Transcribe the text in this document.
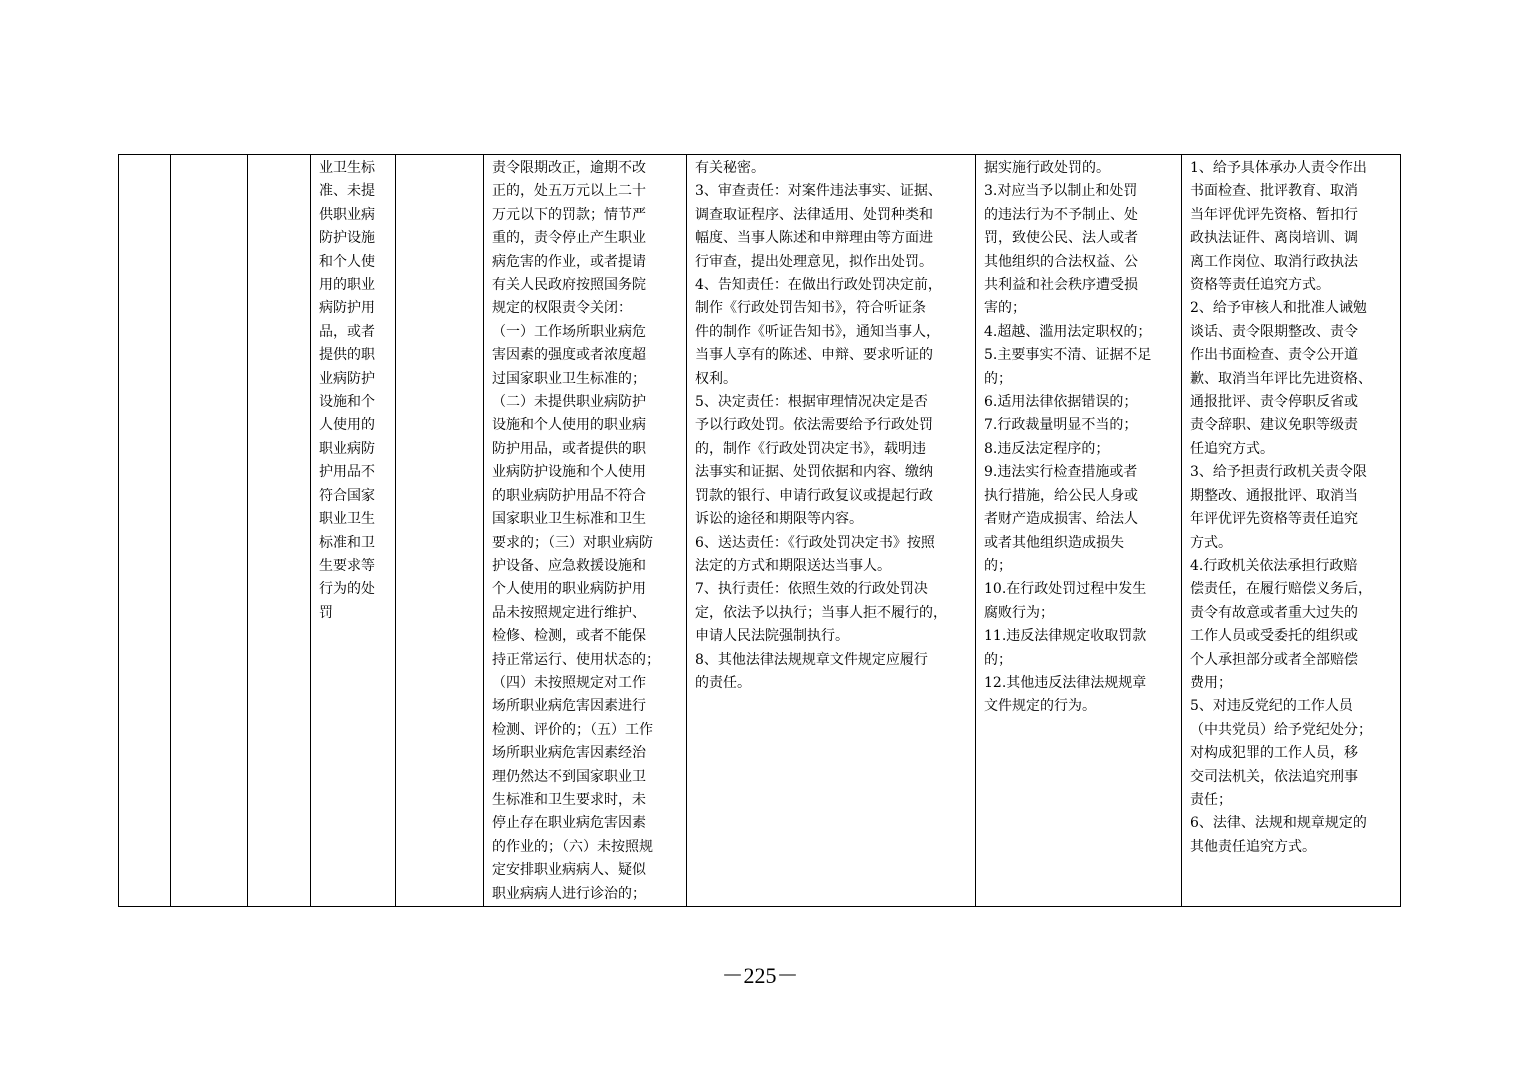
业卫生标
准、未提
供职业病
防护设施
和个人使
用的职业
病防护用
品，或者
提供的职
业病防护
设施和个
人使用的
职业病防
护用品不
符合国家
职业卫生
标准和卫
生要求等
行为的处
罚
责令限期改正，逾期不改
正的，处五万元以上二十
万元以下的罚款；情节严
重的，责令停止产生职业
病危害的作业，或者提请
有关人民政府按照国务院
规定的权限责令关闭：
（一）工作场所职业病危
害因素的强度或者浓度超
过国家职业卫生标准的；
（二）未提供职业病防护
设施和个人使用的职业病
防护用品，或者提供的职
业病防护设施和个人使用
的职业病防护用品不符合
国家职业卫生标准和卫生
要求的；（三）对职业病防
护设备、应急救援设施和
个人使用的职业病防护用
品未按照规定进行维护、
检修、检测，或者不能保
持正常运行、使用状态的；
（四）未按照规定对工作
场所职业病危害因素进行
检测、评价的；（五）工作
场所职业病危害因素经治
理仍然达不到国家职业卫
生标准和卫生要求时，未
停止存在职业病危害因素
的作业的；（六）未按照规
定安排职业病病人、疑似
职业病病人进行诊治的；
有关秘密。
3、审查责任：对案件违法事实、证据、
调查取证程序、法律适用、处罚种类和
幅度、当事人陈述和申辩理由等方面进
行审查，提出处理意见，拟作出处罚。
4、告知责任：在做出行政处罚决定前，
制作《行政处罚告知书》，符合听证条
件的制作《听证告知书》，通知当事人，
当事人享有的陈述、申辩、要求听证的
权利。
5、决定责任：根据审理情况决定是否
予以行政处罚。依法需要给予行政处罚
的，制作《行政处罚决定书》，载明违
法事实和证据、处罚依据和内容、缴纳
罚款的银行、申请行政复议或提起行政
诉讼的途径和期限等内容。
6、送达责任：《行政处罚决定书》按照
法定的方式和期限送达当事人。
7、执行责任：依照生效的行政处罚决
定，依法予以执行；当事人拒不履行的，
申请人民法院强制执行。
8、其他法律法规规章文件规定应履行
的责任。
据实施行政处罚的。
3.对应当予以制止和处罚
的违法行为不予制止、处
罚，致使公民、法人或者
其他组织的合法权益、公
共利益和社会秩序遭受损
害的；
4.超越、滥用法定职权的；
5.主要事实不清、证据不足
的；
6.适用法律依据错误的；
7.行政裁量明显不当的；
8.违反法定程序的；
9.违法实行检查措施或者
执行措施，给公民人身或
者财产造成损害、给法人
或者其他组织造成损失
的；
10.在行政处罚过程中发生
腐败行为；
11.违反法律规定收取罚款
的；
12.其他违反法律法规规章
文件规定的行为。
1、给予具体承办人责令作出
书面检查、批评教育、取消
当年评优评先资格、暂扣行
政执法证件、离岗培训、调
离工作岗位、取消行政执法
资格等责任追究方式。
2、给予审核人和批准人诫勉
谈话、责令限期整改、责令
作出书面检查、责令公开道
歉、取消当年评比先进资格、
通报批评、责令停职反省或
责令辞职、建议免职等级责
任追究方式。
3、给予担责行政机关责令限
期整改、通报批评、取消当
年评优评先资格等责任追究
方式。
4.行政机关依法承担行政赔
偿责任，在履行赔偿义务后，
责令有故意或者重大过失的
工作人员或受委托的组织或
个人承担部分或者全部赔偿
费用；
5、对违反党纪的工作人员
（中共党员）给予党纪处分；
对构成犯罪的工作人员，移
交司法机关，依法追究刑事
责任；
6、法律、法规和规章规定的
其他责任追究方式。
－225－
